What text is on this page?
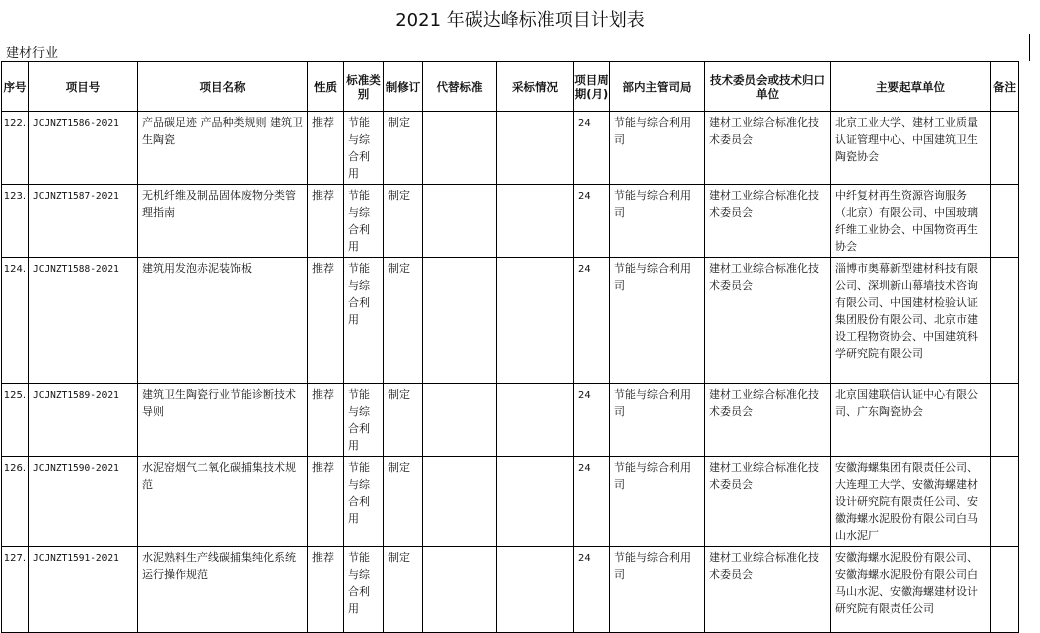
2021 年碳达峰标准项目计划表
建材行业
序号	项目号	项目名称	性质	标准类别	制修订	代替标准	采标情况	项目周期(月)	部内主管司局	技术委员会或技术归口单位	主要起草单位	备注
122.	JCJNZT1586-2021	产品碳足迹 产品种类规则 建筑卫生陶瓷	推荐	节能与综合利用	制定			24	节能与综合利用司	建材工业综合标准化技术委员会	北京工业大学、建材工业质量认证管理中心、中国建筑卫生陶瓷协会	
123.	JCJNZT1587-2021	无机纤维及制品固体废物分类管理指南	推荐	节能与综合利用	制定			24	节能与综合利用司	建材工业综合标准化技术委员会	中纤复材再生资源咨询服务（北京）有限公司、中国玻璃纤维工业协会、中国物资再生协会	
124.	JCJNZT1588-2021	建筑用发泡赤泥装饰板	推荐	节能与综合利用	制定			24	节能与综合利用司	建材工业综合标准化技术委员会	淄博市奥幕新型建材科技有限公司、深圳新山幕墙技术咨询有限公司、中国建材检验认证集团股份有限公司、北京市建设工程物资协会、中国建筑科学研究院有限公司	
125.	JCJNZT1589-2021	建筑卫生陶瓷行业节能诊断技术导则	推荐	节能与综合利用	制定			24	节能与综合利用司	建材工业综合标准化技术委员会	北京国建联信认证中心有限公司、广东陶瓷协会	
126.	JCJNZT1590-2021	水泥窑烟气二氧化碳捕集技术规范	推荐	节能与综合利用	制定			24	节能与综合利用司	建材工业综合标准化技术委员会	安徽海螺集团有限责任公司、大连理工大学、安徽海螺建材设计研究院有限责任公司、安徽海螺水泥股份有限公司白马山水泥厂	
127.	JCJNZT1591-2021	水泥熟料生产线碳捕集纯化系统运行操作规范	推荐	节能与综合利用	制定			24	节能与综合利用司	建材工业综合标准化技术委员会	安徽海螺水泥股份有限公司、安徽海螺水泥股份有限公司白马山水泥、安徽海螺建材设计研究院有限责任公司	
